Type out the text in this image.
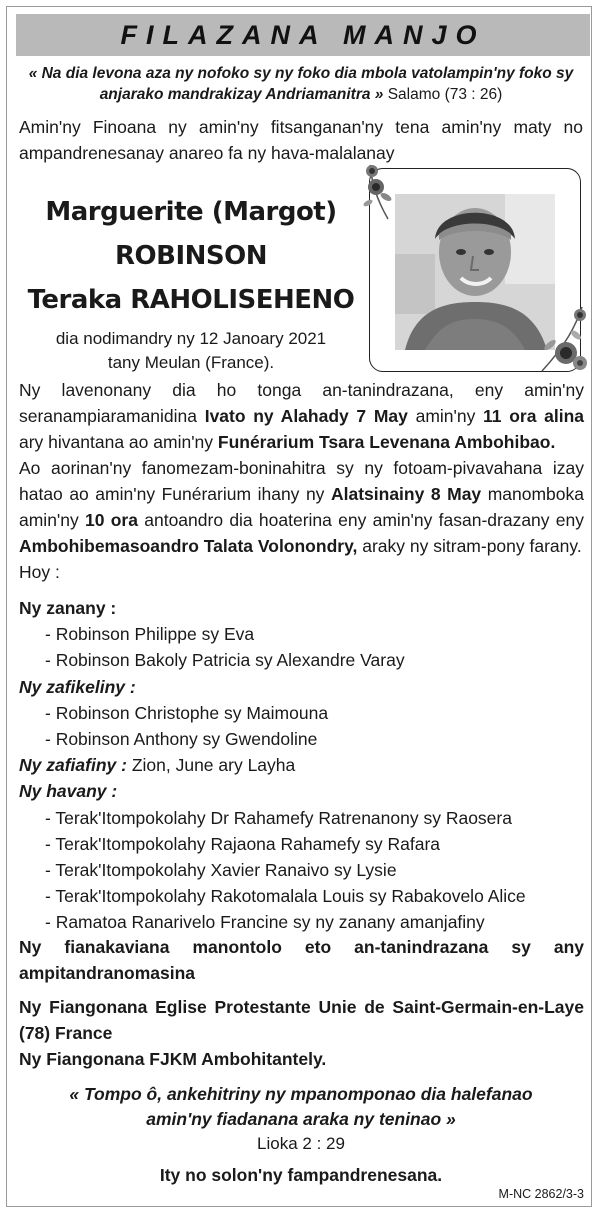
FILAZANA MANJO
« Na dia levona aza ny nofoko sy ny foko dia mbola vatolampin'ny foko sy anjarako mandrakizay Andriamanitra » Salamo (73 : 26)
Amin'ny Finoana ny amin'ny fitsanganan'ny tena amin'ny maty no ampandrenesanay anareo fa ny hava-malalanay
Marguerite (Margot)
ROBINSON
Teraka RAHOLISEHENO
dia nodimandry ny 12 Janoary 2021
tany Meulan (France).

Ny lavenonany dia ho tonga an-tanindrazana, eny amin'ny seranampiaramanidina Ivato ny Alahady 7 May amin'ny 11 ora alina ary hivantana ao amin'ny Funérarium Tsara Levenana Ambohibao.

Ao aorinan'ny fanomezam-boninahitra sy ny fotoam-pivavahana izay hatao ao amin'ny Funérarium ihany ny Alatsinainy 8 May manomboka amin'ny 10 ora antoandro dia hoaterina eny amin'ny fasan-drazany eny Ambohibemasoandro Talata Volonondry, araky ny sitram-pony farany.

Hoy :

Ny zanany :
- Robinson Philippe sy Eva
- Robinson Bakoly Patricia sy Alexandre Varay
Ny zafikeliny :
- Robinson Christophe sy Maimouna
- Robinson Anthony sy Gwendoline
Ny zafiafiny : Zion, June ary Layha
Ny havany :
- Terak'Itompokolahy Dr Rahamefy Ratrenanony sy Raosera
- Terak'Itompokolahy Rajaona Rahamefy sy Rafara
- Terak'Itompokolahy Xavier Ranaivo sy Lysie
- Terak'Itompokolahy Rakotomalala Louis sy Rabakovelo Alice
- Ramatoa Ranarivelo Francine sy ny zanany amanjafiny

Ny fianakaviana manontolo eto an-tanindrazana sy any ampitandranomasina

Ny Fiangonana Eglise Protestante Unie de Saint-Germain-en-Laye (78) France

Ny Fiangonana FJKM Ambohitantely.

« Tompo ô, ankehitriny ny mpanomponao dia halefanao
amin'ny fiadanana araka ny teninao »
Lioka 2 : 29
Ity no solon'ny fampandrenesana.
M-NC 2862/3-3
